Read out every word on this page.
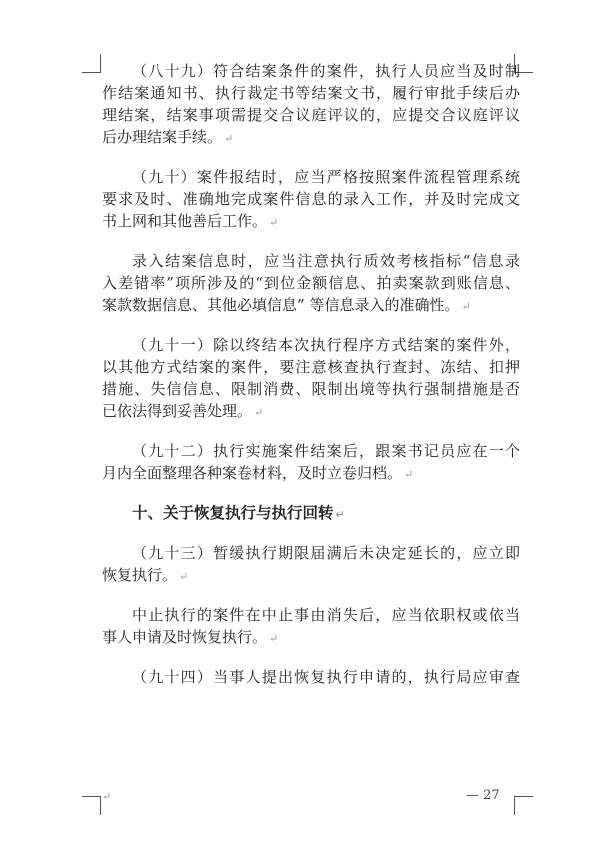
（八十九）符合结案条件的案件，执行人员应当及时制
作结案通知书、执行裁定书等结案文书，履行审批手续后办
理结案，结案事项需提交合议庭评议的，应提交合议庭评议
后办理结案手续。 ↵
（九十）案件报结时，应当严格按照案件流程管理系统
要求及时、准确地完成案件信息的录入工作，并及时完成文
书上网和其他善后工作。 ↵
录入结案信息时，应当注意执行质效考核指标“信息录
入差错率”项所涉及的“到位金额信息、拍卖案款到账信息、
案款数据信息、其他必填信息” 等信息录入的准确性。 ↵
（九十一）除以终结本次执行程序方式结案的案件外，
以其他方式结案的案件，要注意核查执行查封、冻结、扣押
措施、失信信息、限制消费、限制出境等执行强制措施是否
已依法得到妥善处理。 ↵
（九十二）执行实施案件结案后，跟案书记员应在一个
月内全面整理各种案卷材料，及时立卷归档。 ↵
十、关于恢复执行与执行回转 ↵
（九十三）暂缓执行期限届满后未决定延长的，应立即
恢复执行。 ↵
中止执行的案件在中止事由消失后，应当依职权或依当
事人申请及时恢复执行。 ↵
（九十四）当事人提出恢复执行申请的，执行局应审查
↵	— 27
